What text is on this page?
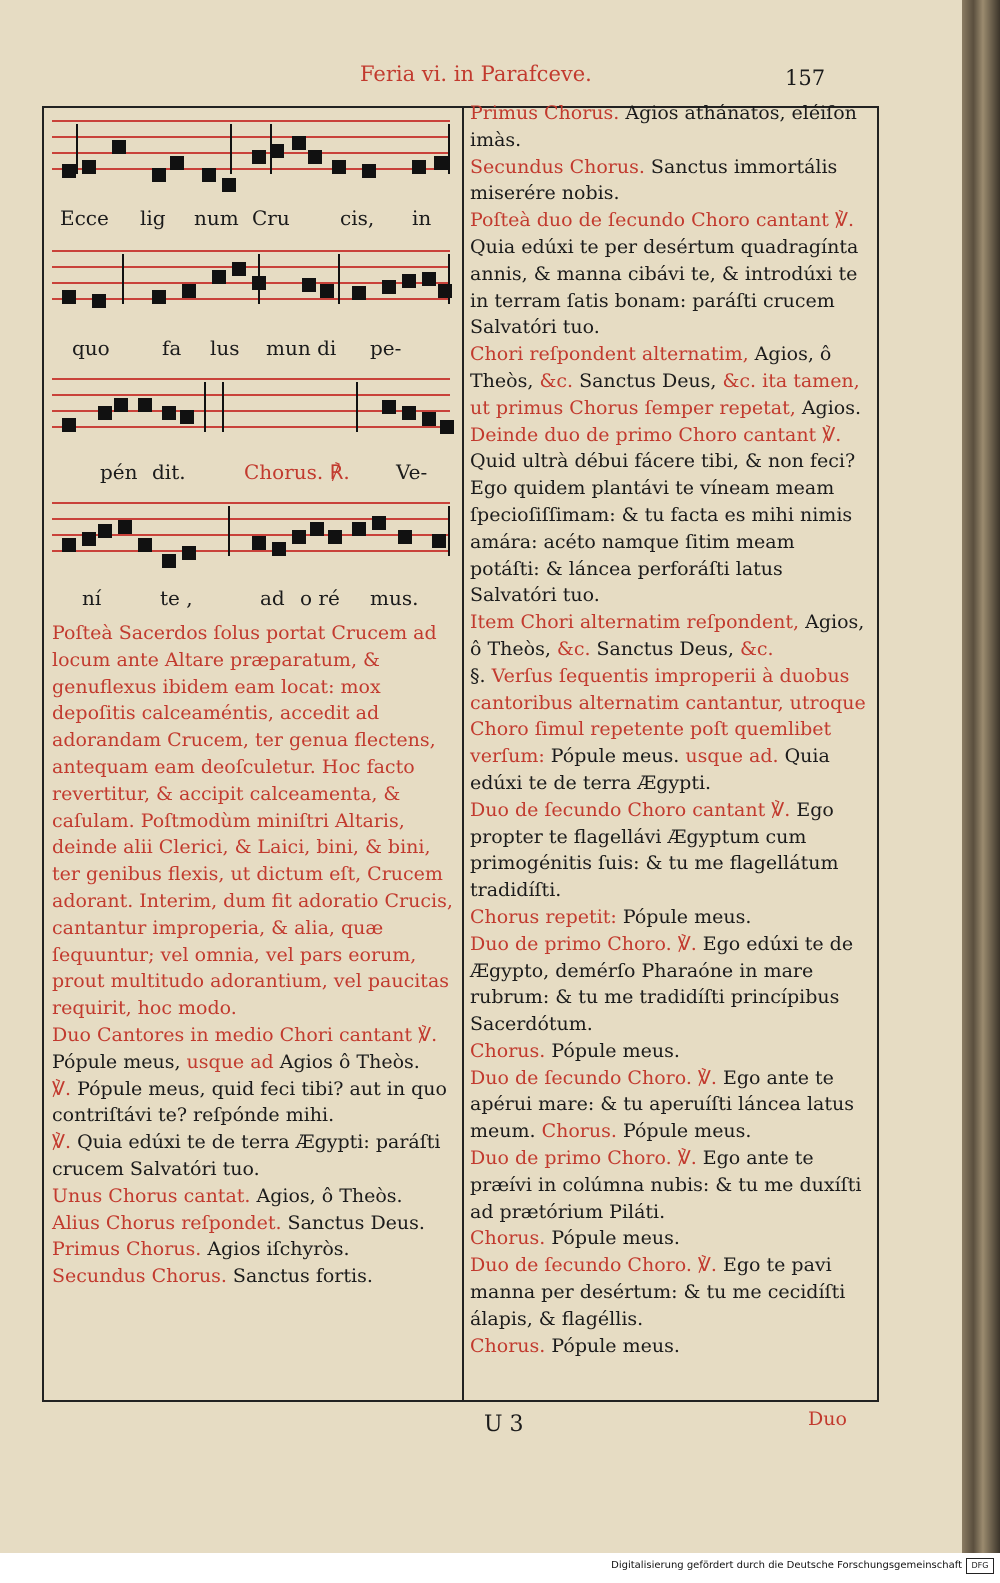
Feria vi. in Parafceve.	157
Ecce lig num Cru	cis, in
quo	fa lus mun di pe-
pén dit.	Chorus. ℟. Ve-
ní	te ,	ad o ré mus.

Poſteà Sacerdos ſolus portat Crucem ad locum ante Altare præparatum, & genuflexus ibidem eam locat: mox depoſitis calceaméntis, accedit ad adorandam Crucem, ter genua flectens, antequam eam deoſculetur. Hoc facto revertitur, & accipit calceamenta, & caſulam. Poſtmodùm miniſtri Altaris, deinde alii Clerici, & Laici, bini, & bini, ter genibus flexis, ut dictum eſt, Crucem adorant. Interim, dum fit adoratio Crucis, cantantur improperia, & alia, quæ ſequuntur; vel omnia, vel pars eorum, prout multitudo adorantium, vel paucitas requirit, hoc modo.

Duo Cantores in medio Chori cantant ℣. Pópule meus, usque ad Agios ô Theòs.

℣. Pópule meus, quid feci tibi? aut in quo contriſtávi te? reſpónde mihi.

℣. Quia edúxi te de terra Ægypti: paráſti crucem Salvatóri tuo.

Unus Chorus cantat. Agios, ô Theòs.

Alius Chorus reſpondet. Sanctus Deus.

Primus Chorus. Agios iſchyròs.

Secundus Chorus. Sanctus fortis.

Primus Chorus. Agios athánatos, eléiſon imàs.

Secundus Chorus. Sanctus immortális miserére nobis.

Poſteà duo de ſecundo Choro cantant ℣. Quia edúxi te per desértum quadragínta annis, & manna cibávi te, & introdúxi te in terram ſatis bonam: paráſti crucem Salvatóri tuo.

Chori reſpondent alternatim, Agios, ô Theòs, &c. Sanctus Deus, &c. ita tamen, ut primus Chorus ſemper repetat, Agios.

Deinde duo de primo Choro cantant ℣. Quid ultrà débui fácere tibi, & non feci? Ego quidem plantávi te víneam meam ſpecioſiſſimam: & tu facta es mihi nimis amára: acéto namque ſitim meam potáſti: & láncea perforáſti latus Salvatóri tuo.

Item Chori alternatim reſpondent, Agios, ô Theòs, &c. Sanctus Deus, &c.

§. Verſus ſequentis improperii à duobus cantoribus alternatim cantantur, utroque Choro ſimul repetente poſt quemlibet verſum: Pópule meus. usque ad. Quia edúxi te de terra Ægypti.

Duo de ſecundo Choro cantant ℣. Ego propter te flagellávi Ægyptum cum primogénitis ſuis: & tu me flagellátum tradidíſti.

Chorus repetit: Pópule meus.

Duo de primo Choro. ℣. Ego edúxi te de Ægypto, demérſo Pharaóne in mare rubrum: & tu me tradidíſti princípibus Sacerdótum.

Chorus. Pópule meus.

Duo de ſecundo Choro. ℣. Ego ante te apérui mare: & tu aperuíſti láncea latus meum. Chorus. Pópule meus.

Duo de primo Choro. ℣. Ego ante te præívi in colúmna nubis: & tu me duxíſti ad prætórium Piláti.

Chorus. Pópule meus.

Duo de ſecundo Choro. ℣. Ego te pavi manna per desértum: & tu me cecidíſti álapis, & flagéllis.

Chorus. Pópule meus.

U 3	Duo
Digitalisierung gefördert durch die Deutsche Forschungsgemeinschaft	DFG
